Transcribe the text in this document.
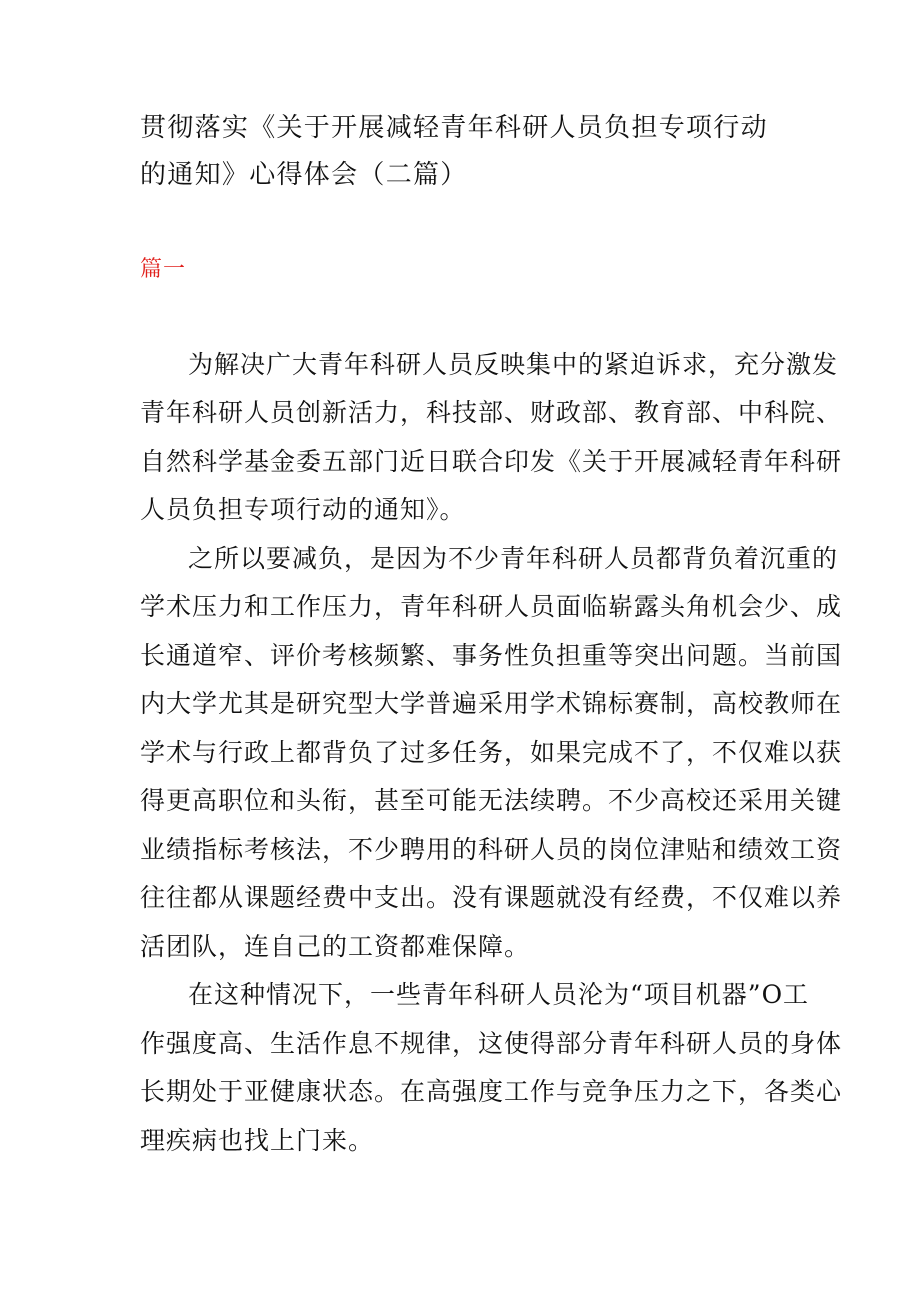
贯彻落实《关于开展减轻青年科研人员负担专项行动
的通知》心得体会（二篇）
篇一
为解决广大青年科研人员反映集中的紧迫诉求，充分激发
青年科研人员创新活力，科技部、财政部、教育部、中科院、
自然科学基金委五部门近日联合印发《关于开展减轻青年科研
人员负担专项行动的通知》。
之所以要减负，是因为不少青年科研人员都背负着沉重的
学术压力和工作压力，青年科研人员面临崭露头角机会少、成
长通道窄、评价考核频繁、事务性负担重等突出问题。当前国
内大学尤其是研究型大学普遍采用学术锦标赛制，高校教师在
学术与行政上都背负了过多任务，如果完成不了，不仅难以获
得更高职位和头衔，甚至可能无法续聘。不少高校还采用关键
业绩指标考核法，不少聘用的科研人员的岗位津贴和绩效工资
往往都从课题经费中支出。没有课题就没有经费，不仅难以养
活团队，连自己的工资都难保障。
在这种情况下，一些青年科研人员沦为“项目机器”O工
作强度高、生活作息不规律，这使得部分青年科研人员的身体
长期处于亚健康状态。在高强度工作与竞争压力之下，各类心
理疾病也找上门来。
